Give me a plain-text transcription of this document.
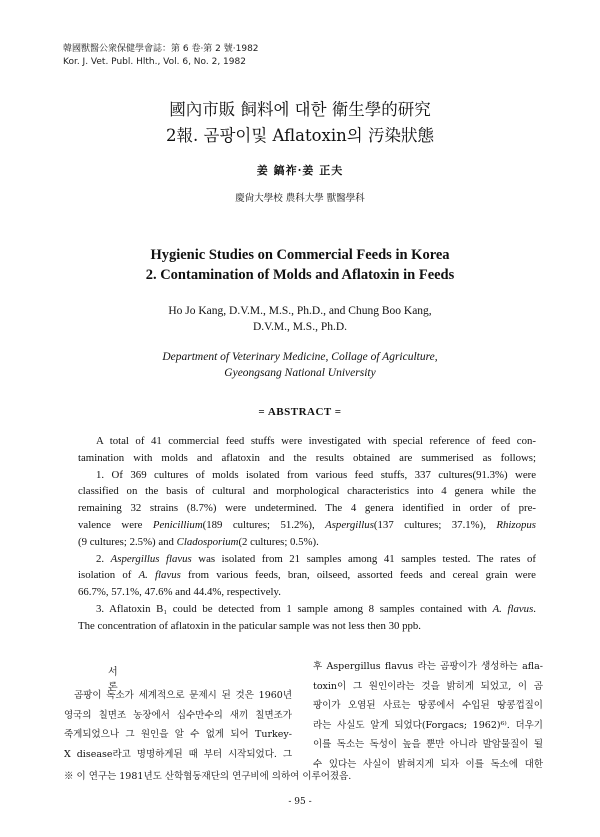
韓國獸醫公衆保健學會誌：第 6 卷·第 2 號·1982
Kor. J. Vet. Publ. Hlth., Vol. 6, No. 2, 1982
國內市販 飼料에 대한 衛生學的研究
2報. 곰팡이및 Aflatoxin의 汚染狀態
姜 鎬祚·姜 正夫
慶尙大學校 農科大學 獸醫學科
Hygienic Studies on Commercial Feeds in Korea
2. Contamination of Molds and Aflatoxin in Feeds
Ho Jo Kang, D.V.M., M.S., Ph.D., and Chung Boo Kang,
D.V.M., M.S., Ph.D.
Department of Veterinary Medicine, Collage of Agriculture,
Gyeongsang National University
= ABSTRACT =
A total of 41 commercial feed stuffs were investigated with special reference of feed con-
tamination with molds and aflatoxin and the results obtained are summerised as follows;
1. Of 369 cultures of molds isolated from various feed stuffs, 337 cultures(91.3%) were
classified on the basis of cultural and morphological characteristics into 4 genera while the
remaining 32 strains (8.7%) were undetermined. The 4 genera identified in order of pre-
valence were Penicillium(189 cultures; 51.2%), Aspergillus(137 cultures; 37.1%), Rhizopus
(9 cultures; 2.5%) and Cladosporium(2 cultures; 0.5%).
2. Aspergillus flavus was isolated from 21 samples among 41 samples tested. The rates of
isolation of A. flavus from various feeds, bran, oilseed, assorted feeds and cereal grain were
66.7%, 57.1%, 47.6% and 44.4%, respectively.
3. Aflatoxin B₁ could be detected from 1 sample among 8 samples contained with A. flavus.
The concentration of aflatoxin in the paticular sample was not less then 30 ppb.
서 론
곰팡이 독소가 세계적으로 문제시 된 것은 1960년
영국의 칠면조 농장에서 십수만수의 새끼 칠면조가
죽게되었으나 그 원인을 알 수 없게 되어 Turkey-
X disease라고 명명하게된 때 부터 시작되었다. 그
후 Aspergillus flavus 라는 곰팡이가 생성하는 afla-
toxin이 그 원인이라는 것을 밝히게 되었고, 이 곰
팡이가 오염된 사료는 땅콩에서 수입된 땅콩껍질이
라는 사실도 알게 되었다(Forgacs; 1962)⁶⁾. 더우기
이를 독소는 독성이 높을 뿐만 아니라 발암물질이 될
수 있다는 사실이 밝혀지게 되자 이를 독소에 대한
※ 이 연구는 1981년도 산학협동재단의 연구비에 의하여 이루어졌음.
- 95 -
